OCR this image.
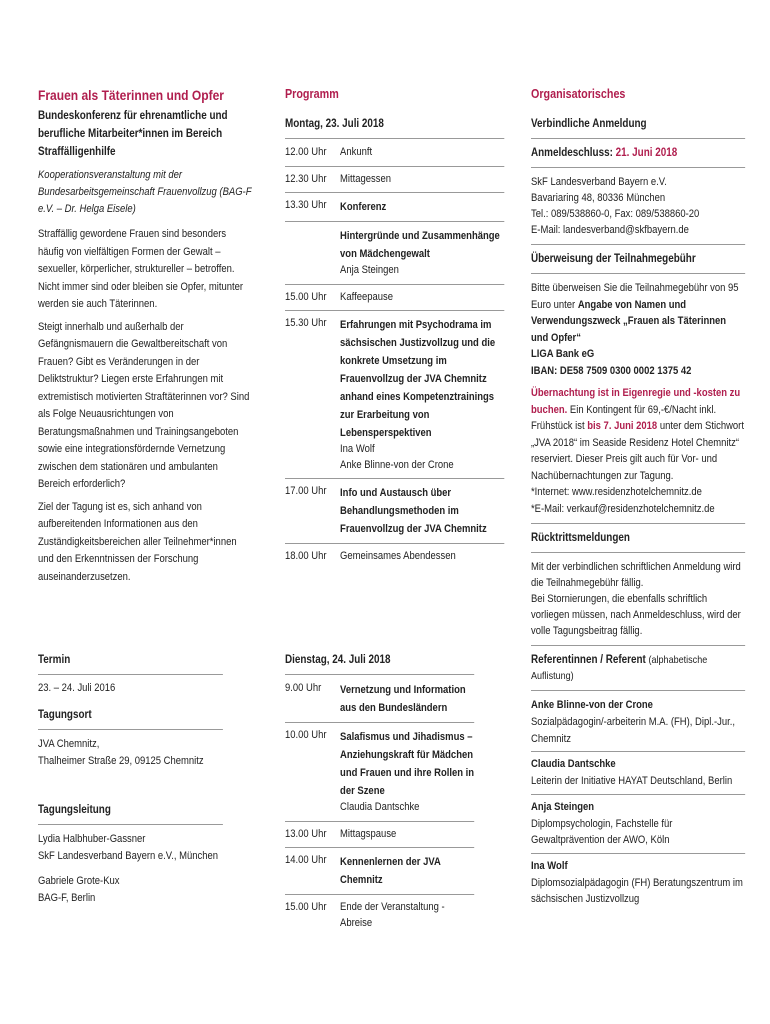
Frauen als Täterinnen und Opfer

Bundeskonferenz für ehrenamtliche und berufliche Mitarbeiter*innen im Bereich Straffälligenhilfe

Kooperationsveranstaltung mit der Bundesarbeitsgemeinschaft Frauenvollzug (BAG-F e.V. – Dr. Helga Eisele)

Straffällig gewordene Frauen sind besonders häufig von vielfältigen Formen der Gewalt – sexueller, körperlicher, struktureller – betroffen. Nicht immer sind oder bleiben sie Opfer, mitunter werden sie auch Täterinnen.

Steigt innerhalb und außerhalb der Gefängnismauern die Gewaltbereitschaft von Frauen? Gibt es Veränderungen in der Deliktstruktur? Liegen erste Erfahrungen mit extremistisch motivierten Straftäterinnen vor? Sind als Folge Neuausrichtungen von Beratungsmaßnahmen und Trainingsangeboten sowie eine integrationsfördernde Vernetzung zwischen dem stationären und ambulanten Bereich erforderlich?

Ziel der Tagung ist es, sich anhand von aufbereitenden Informationen aus den Zuständigkeitsbereichen aller Teilnehmer*innen und den Erkenntnissen der Forschung auseinanderzusetzen.

Termin

23. – 24. Juli 2016

Tagungsort

JVA Chemnitz,

Thalheimer Straße 29, 09125 Chemnitz

Tagungsleitung

Lydia Halbhuber-Gassner

SkF Landesverband Bayern e.V., München

Gabriele Grote-Kux

BAG-F, Berlin

Programm

Montag, 23. Juli 2018

12.00 Uhr	Ankunft
12.30 Uhr	Mittagessen
13.30 Uhr	Konferenz
Hintergründe und Zusammenhänge von Mädchengewalt
Anja Steingen
15.00 Uhr	Kaffeepause
15.30 Uhr	Erfahrungen mit Psychodrama im sächsischen Justizvollzug und die konkrete Umsetzung im Frauenvollzug der JVA Chemnitz anhand eines Kompetenztrainings zur Erarbeitung von Lebensperspektiven
Ina Wolf
Anke Blinne-von der Crone
17.00 Uhr	Info und Austausch über Behandlungsmethoden im Frauenvollzug der JVA Chemnitz
18.00 Uhr	Gemeinsames Abendessen

Dienstag, 24. Juli 2018

9.00 Uhr	Vernetzung und Information aus den Bundesländern
10.00 Uhr	Salafismus und Jihadismus – Anziehungskraft für Mädchen und Frauen und ihre Rollen in der Szene
Claudia Dantschke
13.00 Uhr	Mittagspause
14.00 Uhr	Kennenlernen der JVA Chemnitz
15.00 Uhr	Ende der Veranstaltung - Abreise

Organisatorisches

Verbindliche Anmeldung

Anmeldeschluss: 21. Juni 2018

SkF Landesverband Bayern e.V.

Bavariaring 48, 80336 München

Tel.: 089/538860-0, Fax: 089/538860-20

E-Mail: landesverband@skfbayern.de

Überweisung der Teilnahmegebühr

Bitte überweisen Sie die Teilnahmegebühr von 95 Euro unter Angabe von Namen und Verwendungszweck „Frauen als Täterinnen und Opfer“

LIGA Bank eG

IBAN: DE58 7509 0300 0002 1375 42

Übernachtung ist in Eigenregie und -kosten zu buchen. Ein Kontingent für 69,-€/Nacht inkl. Frühstück ist bis 7. Juni 2018 unter dem Stichwort „JVA 2018“ im Seaside Residenz Hotel Chemnitz“ reserviert. Dieser Preis gilt auch für Vor- und Nachübernachtungen zur Tagung.

*Internet: www.residenzhotelchemnitz.de

*E-Mail: verkauf@residenzhotelchemnitz.de

Rücktrittsmeldungen

Mit der verbindlichen schriftlichen Anmeldung wird die Teilnahmegebühr fällig.

Bei Stornierungen, die ebenfalls schriftlich vorliegen müssen, nach Anmeldeschluss, wird der volle Tagungsbeitrag fällig.

Referentinnen / Referent (alphabetische Auflistung)

Anke Blinne-von der Crone

Sozialpädagogin/-arbeiterin M.A. (FH), Dipl.-Jur., Chemnitz

Claudia Dantschke

Leiterin der Initiative HAYAT Deutschland, Berlin

Anja Steingen

Diplompsychologin, Fachstelle für Gewaltprävention der AWO, Köln

Ina Wolf

Diplomsozialpädagogin (FH) Beratungszentrum im sächsischen Justizvollzug
